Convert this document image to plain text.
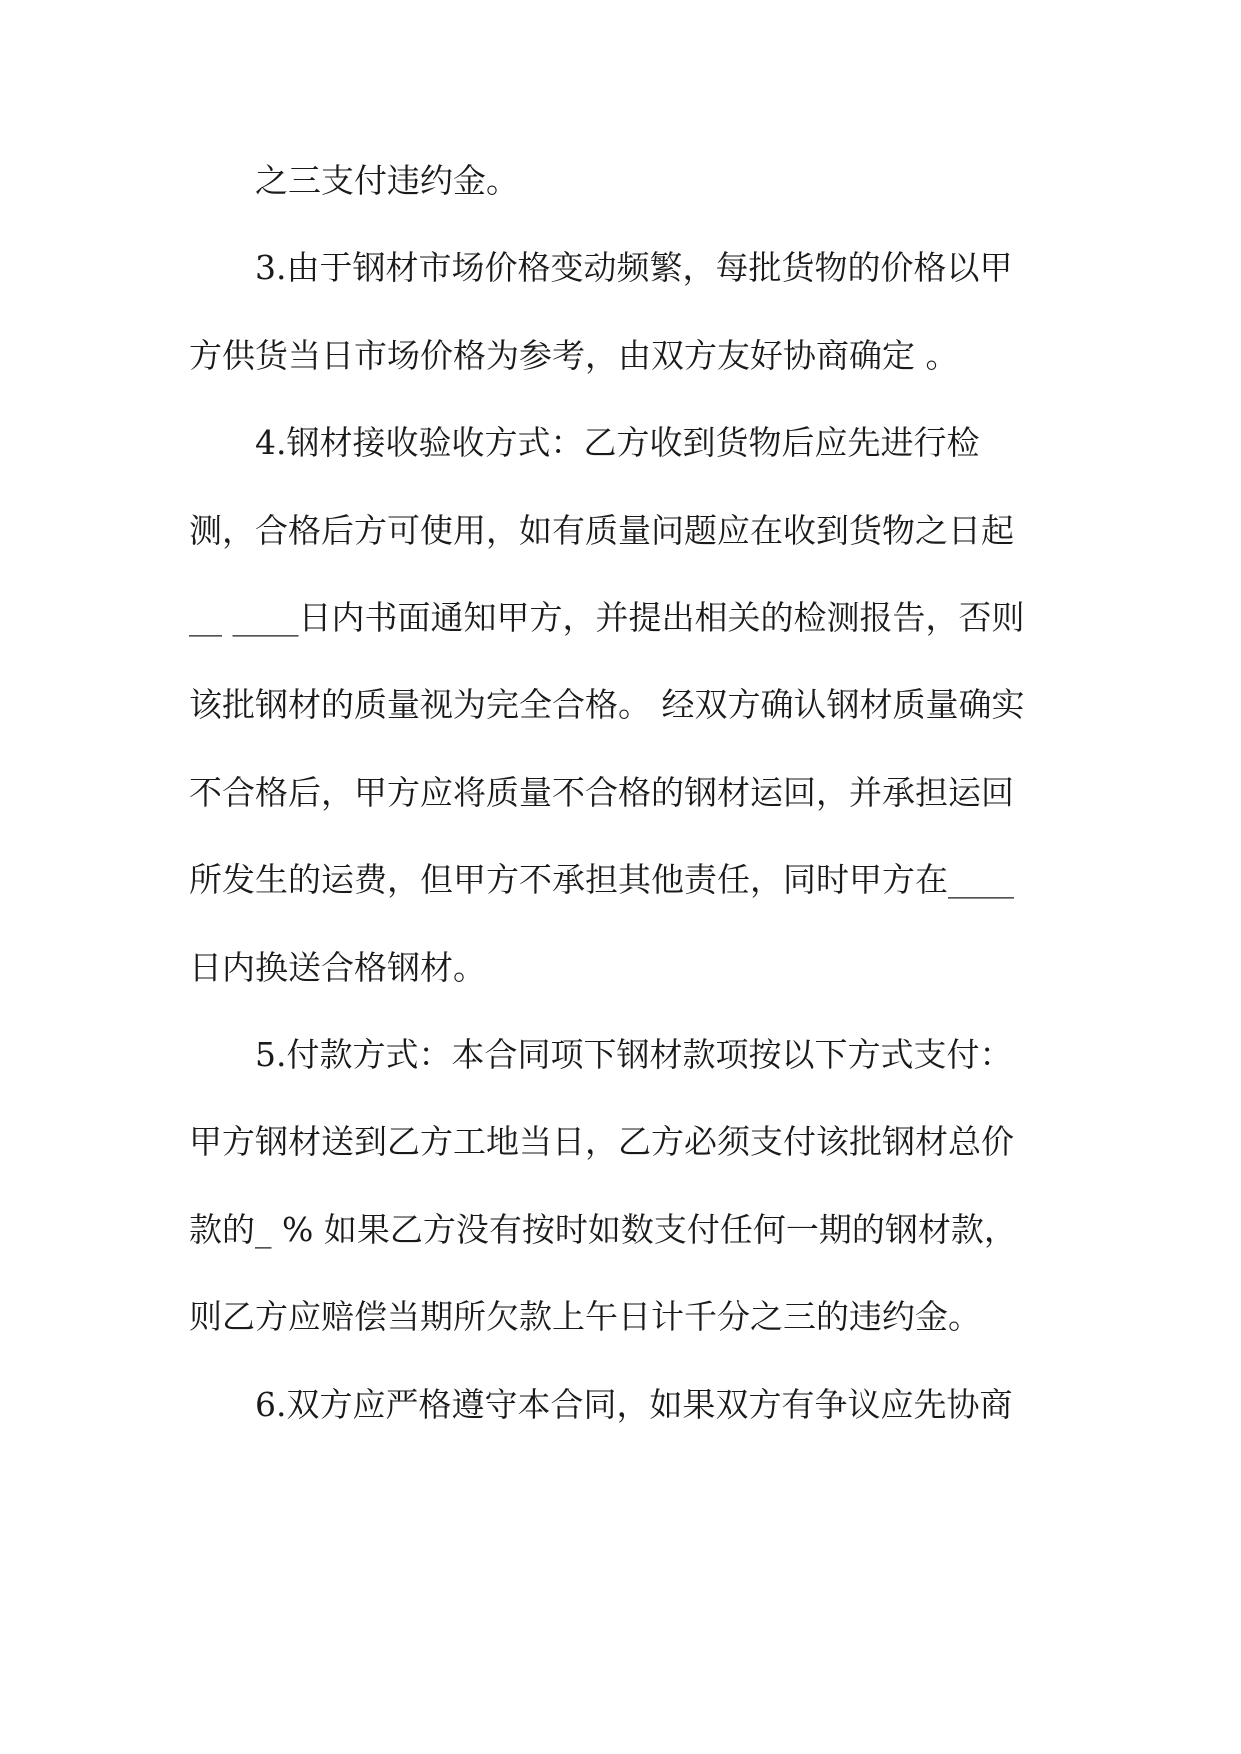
之三支付违约金。
3.由于钢材市场价格变动频繁，每批货物的价格以甲
方供货当日市场价格为参考，由双方友好协商确定 。
4.钢材接收验收方式：乙方收到货物后应先进行检
测，合格后方可使用，如有质量问题应在收到货物之日起
__ ____日内书面通知甲方，并提出相关的检测报告，否则
该批钢材的质量视为完全合格。 经双方确认钢材质量确实
不合格后，甲方应将质量不合格的钢材运回，并承担运回
所发生的运费，但甲方不承担其他责任，同时甲方在____
日内换送合格钢材。
5.付款方式：本合同项下钢材款项按以下方式支付：
甲方钢材送到乙方工地当日，乙方必须支付该批钢材总价
款的_ % 如果乙方没有按时如数支付任何一期的钢材款，
则乙方应赔偿当期所欠款上午日计千分之三的违约金。
6.双方应严格遵守本合同，如果双方有争议应先协商
